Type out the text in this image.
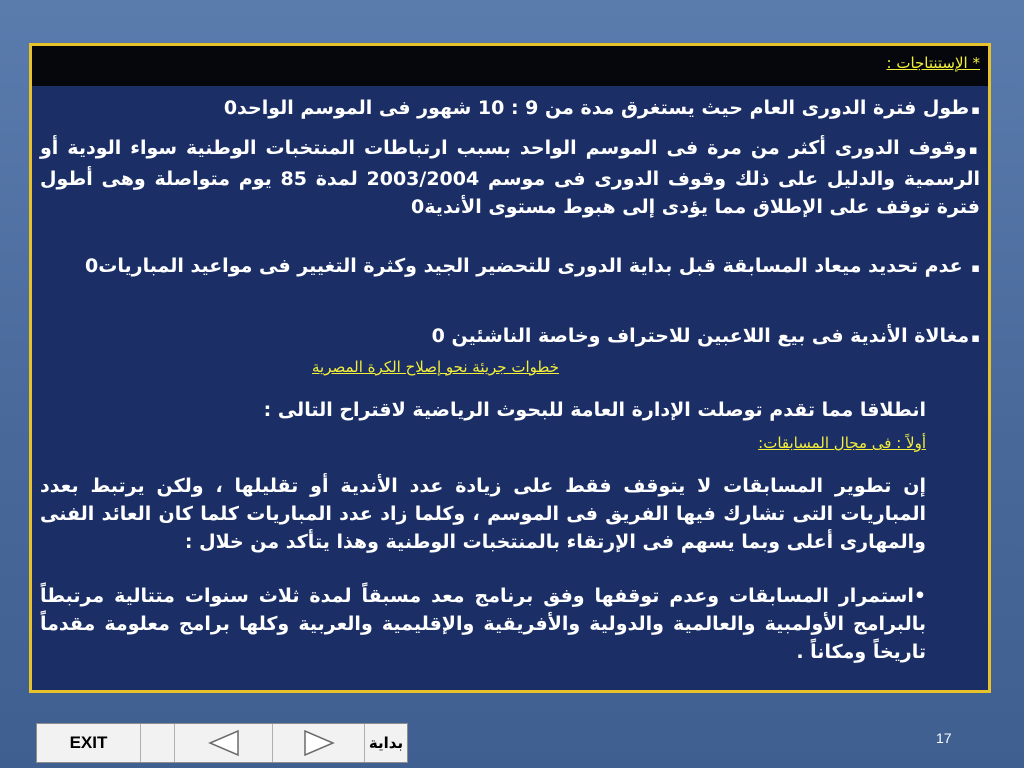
* الإستنتاجات :
▪طول فترة الدورى العام حيث يستغرق مدة من 9 : 10 شهور فى الموسم الواحد0
▪وقوف الدورى أكثر من مرة فى الموسم الواحد بسبب ارتباطات المنتخبات الوطنية سواء الودية أو الرسمية والدليل على ذلك وقوف الدورى فى موسم 2003/2004 لمدة 85 يوم متواصلة وهى أطول فترة توقف على الإطلاق مما يؤدى إلى هبوط مستوى الأندية0
▪ عدم تحديد ميعاد المسابقة قبل بداية الدورى للتحضير الجيد وكثرة التغيير فى مواعيد المباريات0
▪مغالاة الأندية فى بيع اللاعبين للاحتراف وخاصة الناشئين 0
خطوات جريئة نحو إصلاح الكرة المصرية
انطلاقا مما تقدم توصلت الإدارة العامة للبحوث الرياضية لاقتراح التالى :
أولاً : فى مجال المسابقات:
إن تطوير المسابقات لا يتوقف فقط على زيادة عدد الأندية أو تقليلها ، ولكن يرتبط بعدد المباريات التى تشارك فيها الفريق فى الموسم ، وكلما زاد عدد المباريات كلما كان العائد الفنى والمهارى أعلى وبما يسهم فى الإرتقاء بالمنتخبات الوطنية وهذا يتأكد من خلال :
•استمرار المسابقات وعدم توقفها وفق برنامج معد مسبقاً لمدة ثلاث سنوات متتالية مرتبطاً بالبرامج الأولمبية والعالمية والدولية والأفريقية والإقليمية والعربية وكلها برامج معلومة مقدماً تاريخاً ومكاناً .
EXIT	بداية	17
